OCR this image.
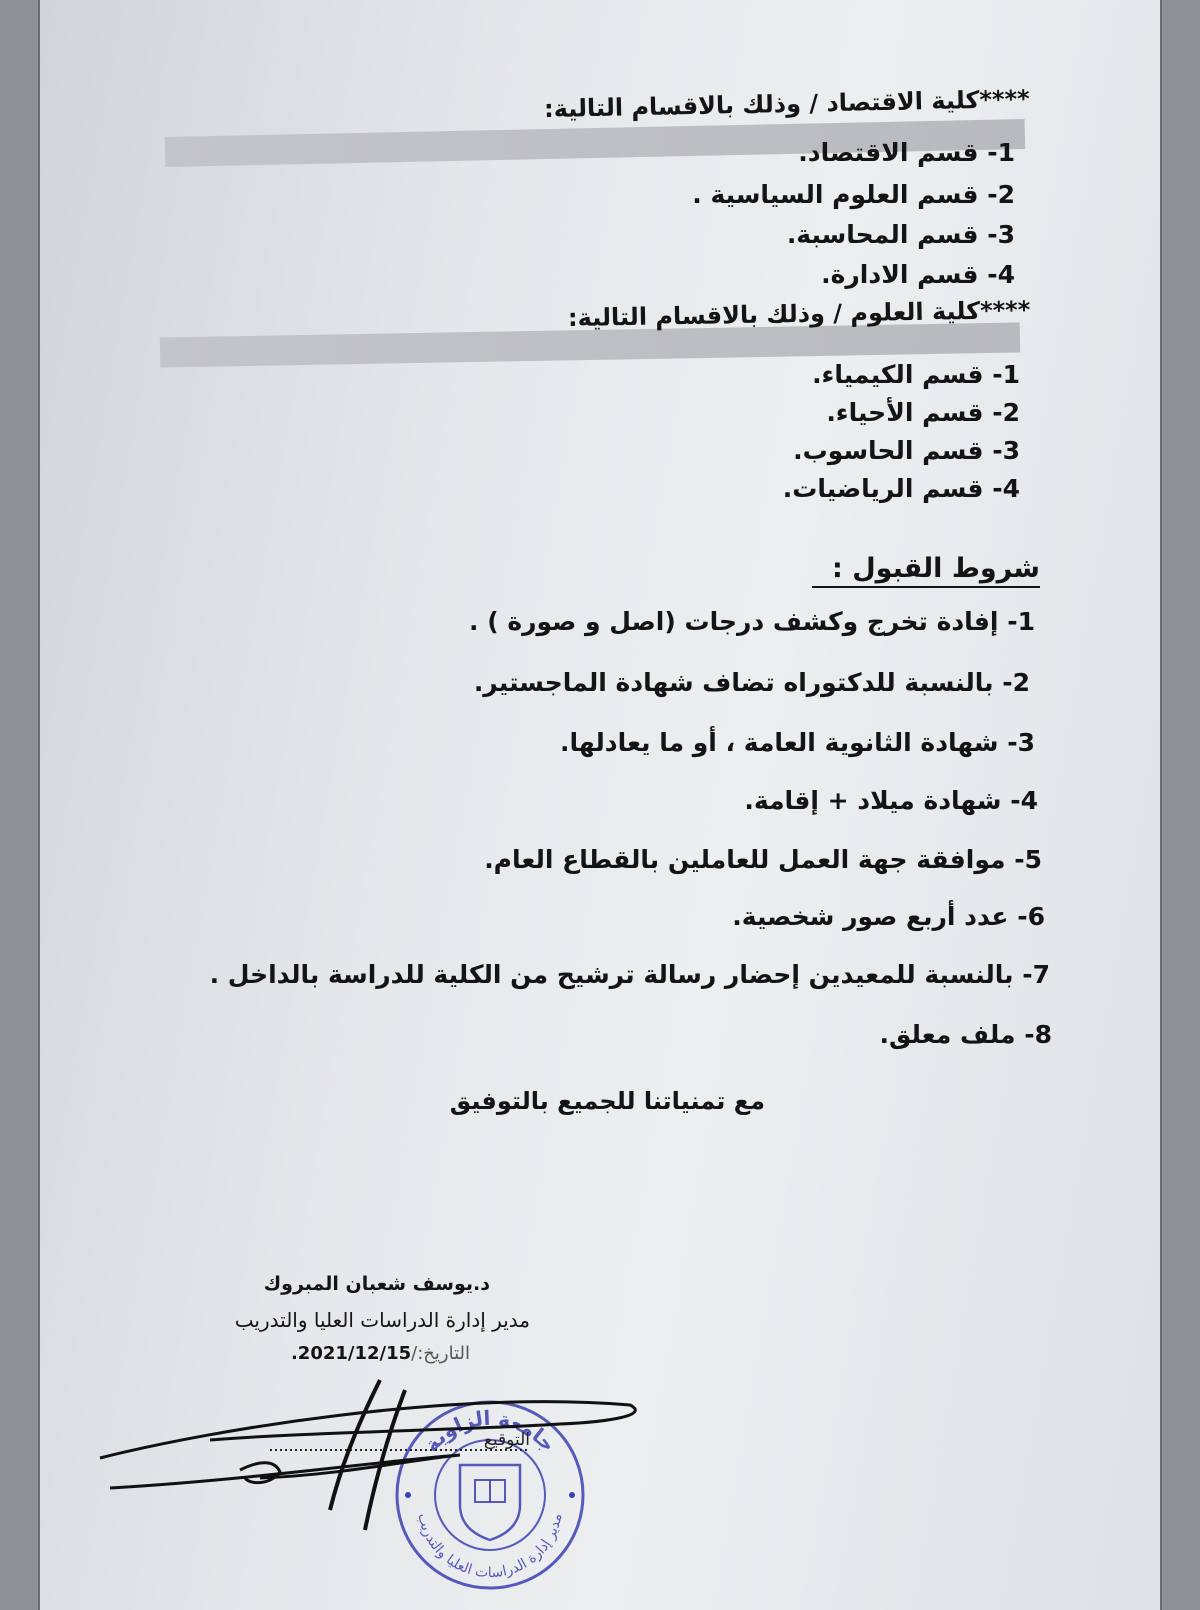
****كلية الاقتصاد / وذلك بالاقسام التالية:
1- قسم الاقتصاد.
2- قسم العلوم السياسية .
3- قسم المحاسبة.
4- قسم الادارة.
****كلية العلوم / وذلك بالاقسام التالية:
1- قسم الكيمياء.
2- قسم الأحياء.
3- قسم الحاسوب.
4- قسم الرياضيات.
شروط القبول :
1- إفادة تخرج وكشف درجات (اصل و صورة ) .
2- بالنسبة للدكتوراه تضاف شهادة الماجستير.
3- شهادة الثانوية العامة ، أو ما يعادلها.
4- شهادة ميلاد + إقامة.
5- موافقة جهة العمل للعاملين بالقطاع العام.
6- عدد أربع صور شخصية.
7- بالنسبة للمعيدين إحضار رسالة ترشيح من الكلية للدراسة بالداخل .
8- ملف معلق.
مع تمنياتنا للجميع بالتوفيق
د.يوسف شعبان المبروك
مدير إدارة الدراسات العليا والتدريب
التاريخ:/2021/12/15.
جامعة الزاوية
مدير إدارة الدراسات العليا والتدريب
التوقيع
